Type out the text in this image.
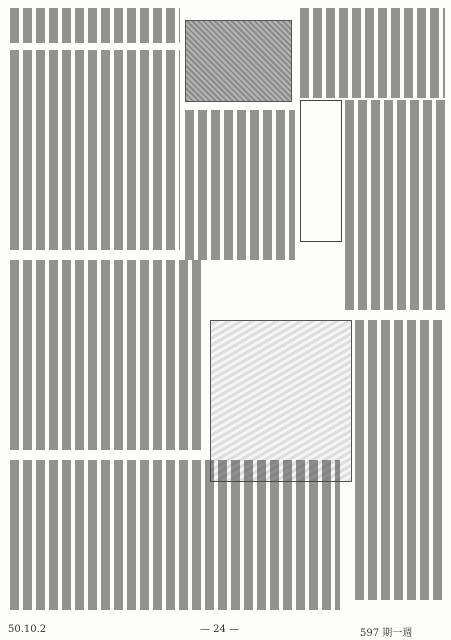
50.10.2	— 24 —	597 期一週
